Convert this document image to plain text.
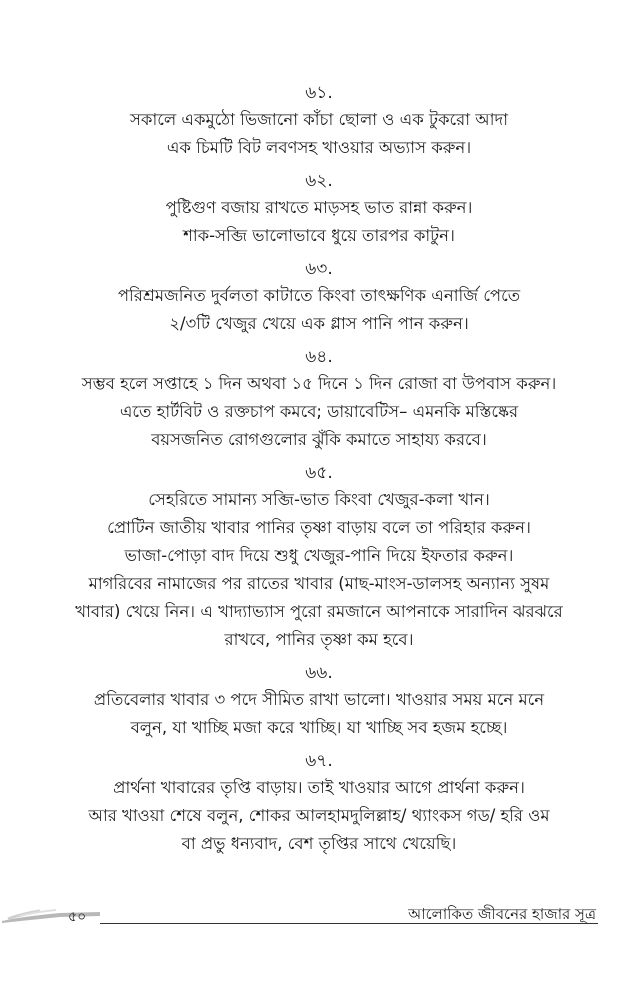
৬১.

সকালে একমুঠো ভিজানো কাঁচা ছোলা ও এক টুকরো আদা

এক চিমটি বিট লবণসহ খাওয়ার অভ্যাস করুন।

৬২.

পুষ্টিগুণ বজায় রাখতে মাড়সহ ভাত রান্না করুন।

শাক-সব্জি ভালোভাবে ধুয়ে তারপর কাটুন।

৬৩.

পরিশ্রমজনিত দুর্বলতা কাটাতে কিংবা তাৎক্ষণিক এনার্জি পেতে

২/৩টি খেজুর খেয়ে এক গ্লাস পানি পান করুন।

৬৪.

সম্ভব হলে সপ্তাহে ১ দিন অথবা ১৫ দিনে ১ দিন রোজা বা উপবাস করুন।

এতে হার্টবিট ও রক্তচাপ কমবে; ডায়াবেটিস– এমনকি মস্তিষ্কের

বয়সজনিত রোগগুলোর ঝুঁকি কমাতে সাহায্য করবে।

৬৫.

সেহরিতে সামান্য সব্জি-ভাত কিংবা খেজুর-কলা খান।

প্রোটিন জাতীয় খাবার পানির তৃষ্ণা বাড়ায় বলে তা পরিহার করুন।

ভাজা-পোড়া বাদ দিয়ে শুধু খেজুর-পানি দিয়ে ইফতার করুন।

মাগরিবের নামাজের পর রাতের খাবার (মাছ-মাংস-ডালসহ অন্যান্য সুষম

খাবার) খেয়ে নিন। এ খাদ্যাভ্যাস পুরো রমজানে আপনাকে সারাদিন ঝরঝরে

রাখবে, পানির তৃষ্ণা কম হবে।

৬৬.

প্রতিবেলার খাবার ৩ পদে সীমিত রাখা ভালো। খাওয়ার সময় মনে মনে

বলুন, যা খাচ্ছি মজা করে খাচ্ছি। যা খাচ্ছি সব হজম হচ্ছে।

৬৭.

প্রার্থনা খাবারের তৃপ্তি বাড়ায়। তাই খাওয়ার আগে প্রার্থনা করুন।

আর খাওয়া শেষে বলুন, শোকর আলহামদুলিল্লাহ/ থ্যাংকস গড/ হরি ওম

বা প্রভু ধন্যবাদ, বেশ তৃপ্তির সাথে খেয়েছি।

৫০	আলোকিত জীবনের হাজার সূত্র
